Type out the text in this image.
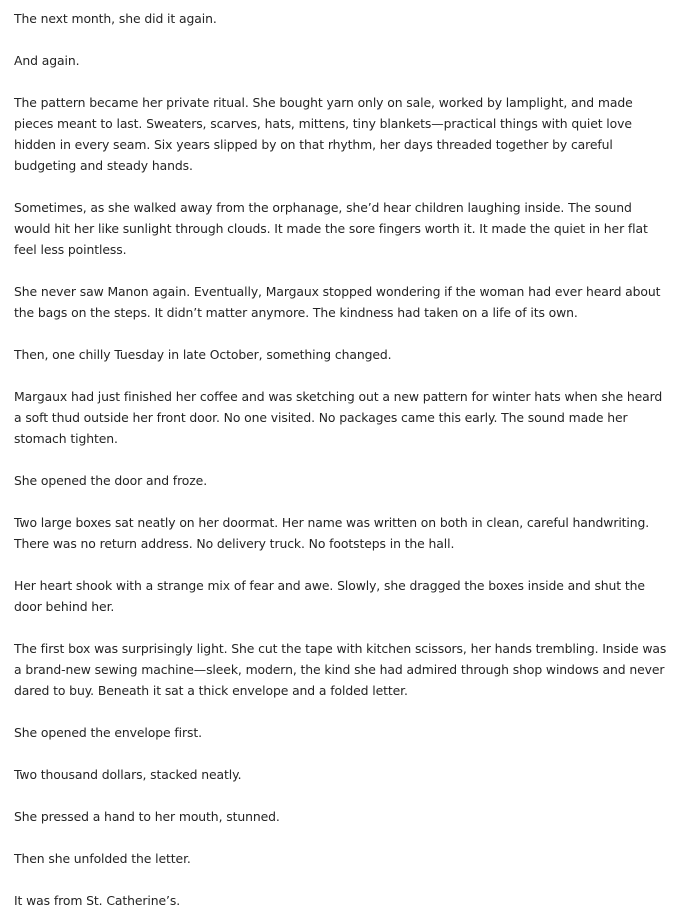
The next month, she did it again.

And again.

The pattern became her private ritual. She bought yarn only on sale, worked by lamplight, and made pieces meant to last. Sweaters, scarves, hats, mittens, tiny blankets—practical things with quiet love hidden in every seam. Six years slipped by on that rhythm, her days threaded together by careful budgeting and steady hands.

Sometimes, as she walked away from the orphanage, she’d hear children laughing inside. The sound would hit her like sunlight through clouds. It made the sore fingers worth it. It made the quiet in her flat feel less pointless.

She never saw Manon again. Eventually, Margaux stopped wondering if the woman had ever heard about the bags on the steps. It didn’t matter anymore. The kindness had taken on a life of its own.

Then, one chilly Tuesday in late October, something changed.

Margaux had just finished her coffee and was sketching out a new pattern for winter hats when she heard a soft thud outside her front door. No one visited. No packages came this early. The sound made her stomach tighten.

She opened the door and froze.

Two large boxes sat neatly on her doormat. Her name was written on both in clean, careful handwriting. There was no return address. No delivery truck. No footsteps in the hall.

Her heart shook with a strange mix of fear and awe. Slowly, she dragged the boxes inside and shut the door behind her.

The first box was surprisingly light. She cut the tape with kitchen scissors, her hands trembling. Inside was a brand-new sewing machine—sleek, modern, the kind she had admired through shop windows and never dared to buy. Beneath it sat a thick envelope and a folded letter.

She opened the envelope first.

Two thousand dollars, stacked neatly.

She pressed a hand to her mouth, stunned.

Then she unfolded the letter.

It was from St. Catherine’s.
